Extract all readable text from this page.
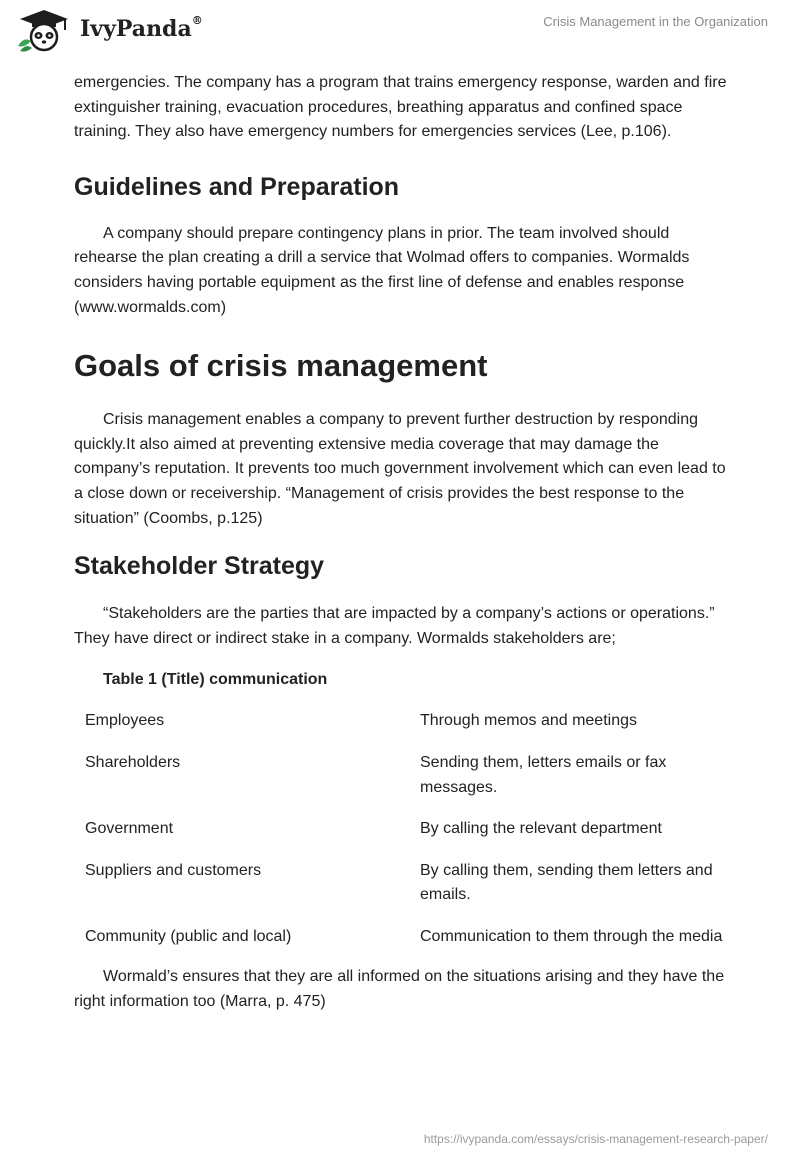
IvyPanda®	Crisis Management in the Organization

emergencies. The company has a program that trains emergency response, warden and fire extinguisher training, evacuation procedures, breathing apparatus and confined space training. They also have emergency numbers for emergencies services (Lee, p.106).

Guidelines and Preparation

A company should prepare contingency plans in prior. The team involved should rehearse the plan creating a drill a service that Wolmad offers to companies. Wormalds considers having portable equipment as the first line of defense and enables response (www.wormalds.com)

Goals of crisis management

Crisis management enables a company to prevent further destruction by responding quickly.It also aimed at preventing extensive media coverage that may damage the company’s reputation. It prevents too much government involvement which can even lead to a close down or receivership. “Management of crisis provides the best response to the situation” (Coombs, p.125)

Stakeholder Strategy

“Stakeholders are the parties that are impacted by a company’s actions or operations.” They have direct or indirect stake in a company. Wormalds stakeholders are;

Table 1 (Title) communication
Employees	Through memos and meetings

Shareholders	Sending them, letters emails or fax messages.

Government	By calling the relevant department

Suppliers and customers	By calling them, sending them letters and emails.

Community (public and local)	Communication to them through the media

Wormald’s ensures that they are all informed on the situations arising and they have the right information too (Marra, p. 475)

https://ivypanda.com/essays/crisis-management-research-paper/
